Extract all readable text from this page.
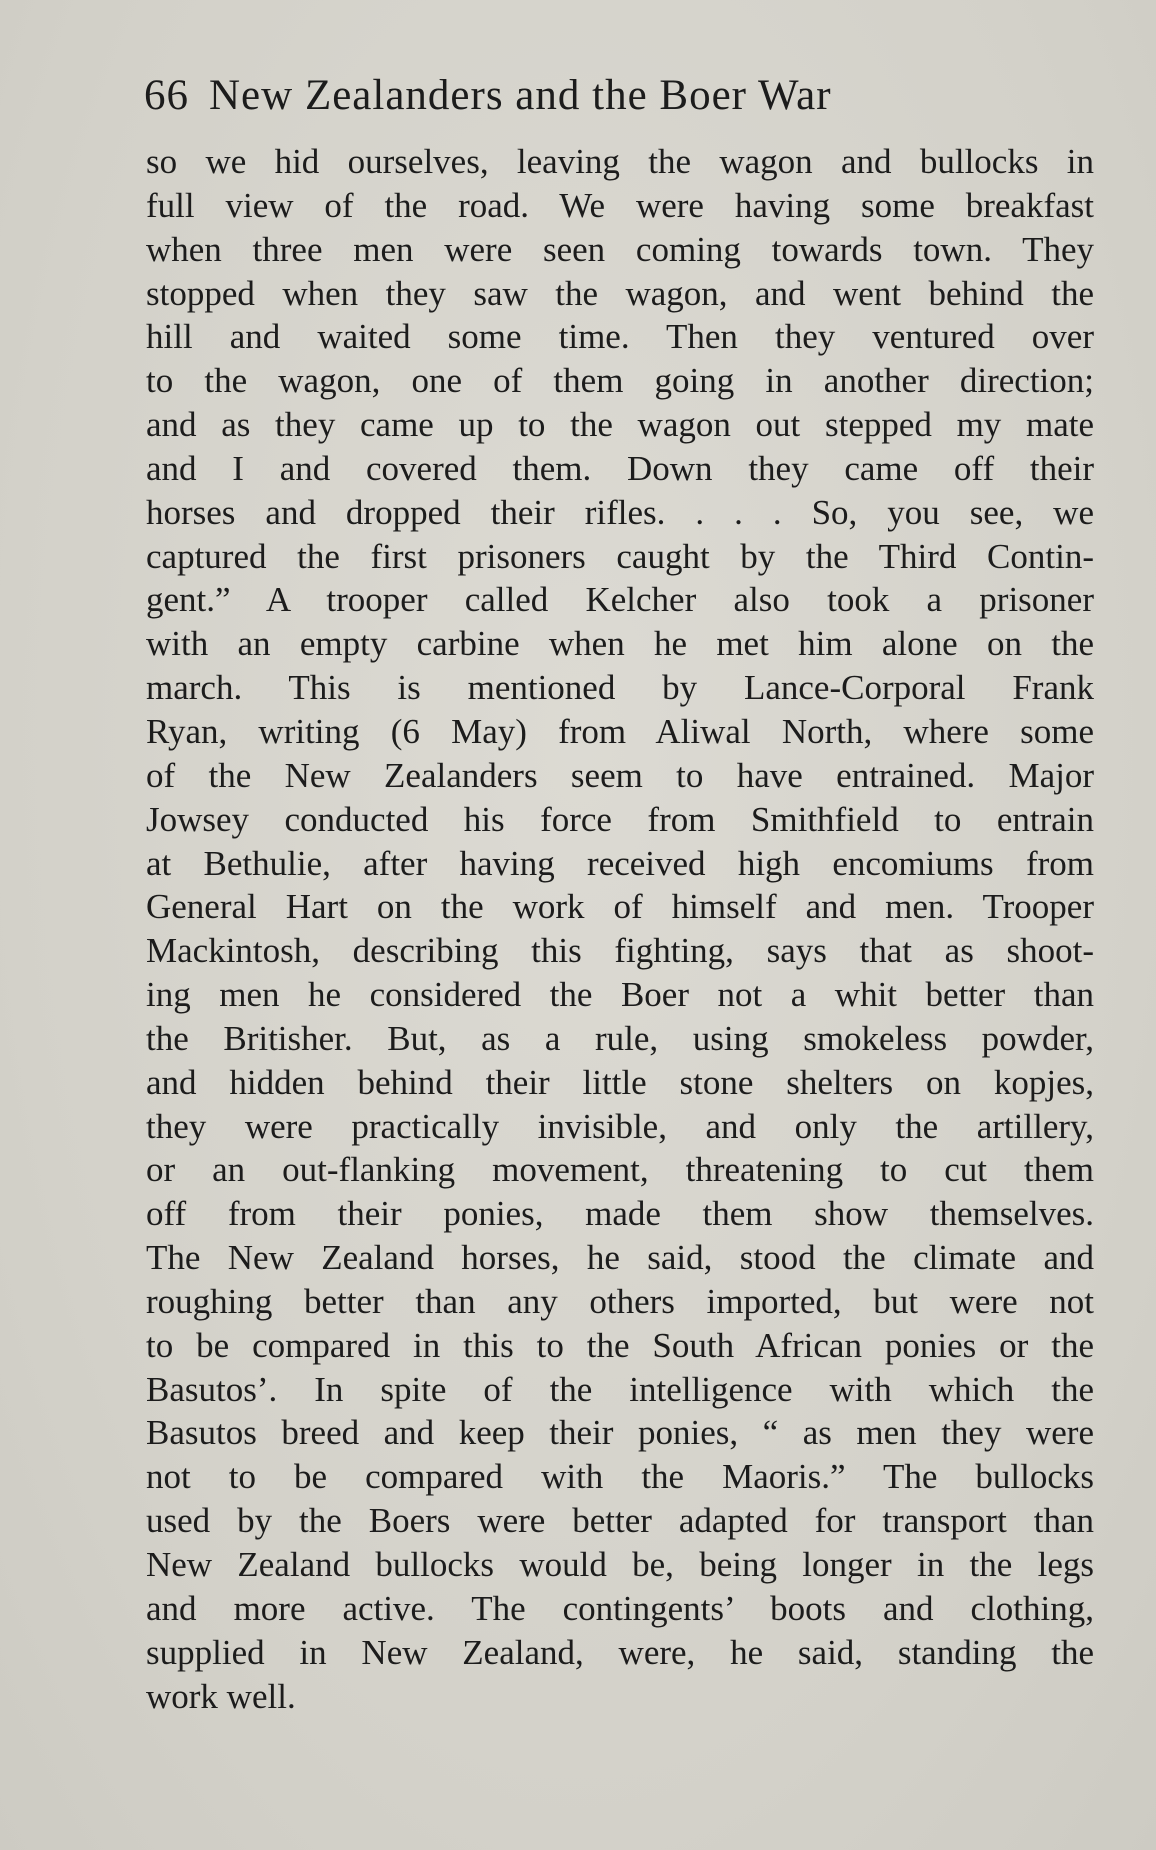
66 New Zealanders and the Boer War
so we hid ourselves, leaving the wagon and bullocks in
full view of the road. We were having some breakfast
when three men were seen coming towards town. They
stopped when they saw the wagon, and went behind the
hill and waited some time. Then they ventured over
to the wagon, one of them going in another direction;
and as they came up to the wagon out stepped my mate
and I and covered them. Down they came off their
horses and dropped their rifles. . . . So, you see, we
captured the first prisoners caught by the Third Contin-
gent.” A trooper called Kelcher also took a prisoner
with an empty carbine when he met him alone on the
march. This is mentioned by Lance-Corporal Frank
Ryan, writing (6 May) from Aliwal North, where some
of the New Zealanders seem to have entrained. Major
Jowsey conducted his force from Smithfield to entrain
at Bethulie, after having received high encomiums from
General Hart on the work of himself and men. Trooper
Mackintosh, describing this fighting, says that as shoot-
ing men he considered the Boer not a whit better than
the Britisher. But, as a rule, using smokeless powder,
and hidden behind their little stone shelters on kopjes,
they were practically invisible, and only the artillery,
or an out-flanking movement, threatening to cut them
off from their ponies, made them show themselves.
The New Zealand horses, he said, stood the climate and
roughing better than any others imported, but were not
to be compared in this to the South African ponies or the
Basutos’. In spite of the intelligence with which the
Basutos breed and keep their ponies, “ as men they were
not to be compared with the Maoris.” The bullocks
used by the Boers were better adapted for transport than
New Zealand bullocks would be, being longer in the legs
and more active. The contingents’ boots and clothing,
supplied in New Zealand, were, he said, standing the
work well.
